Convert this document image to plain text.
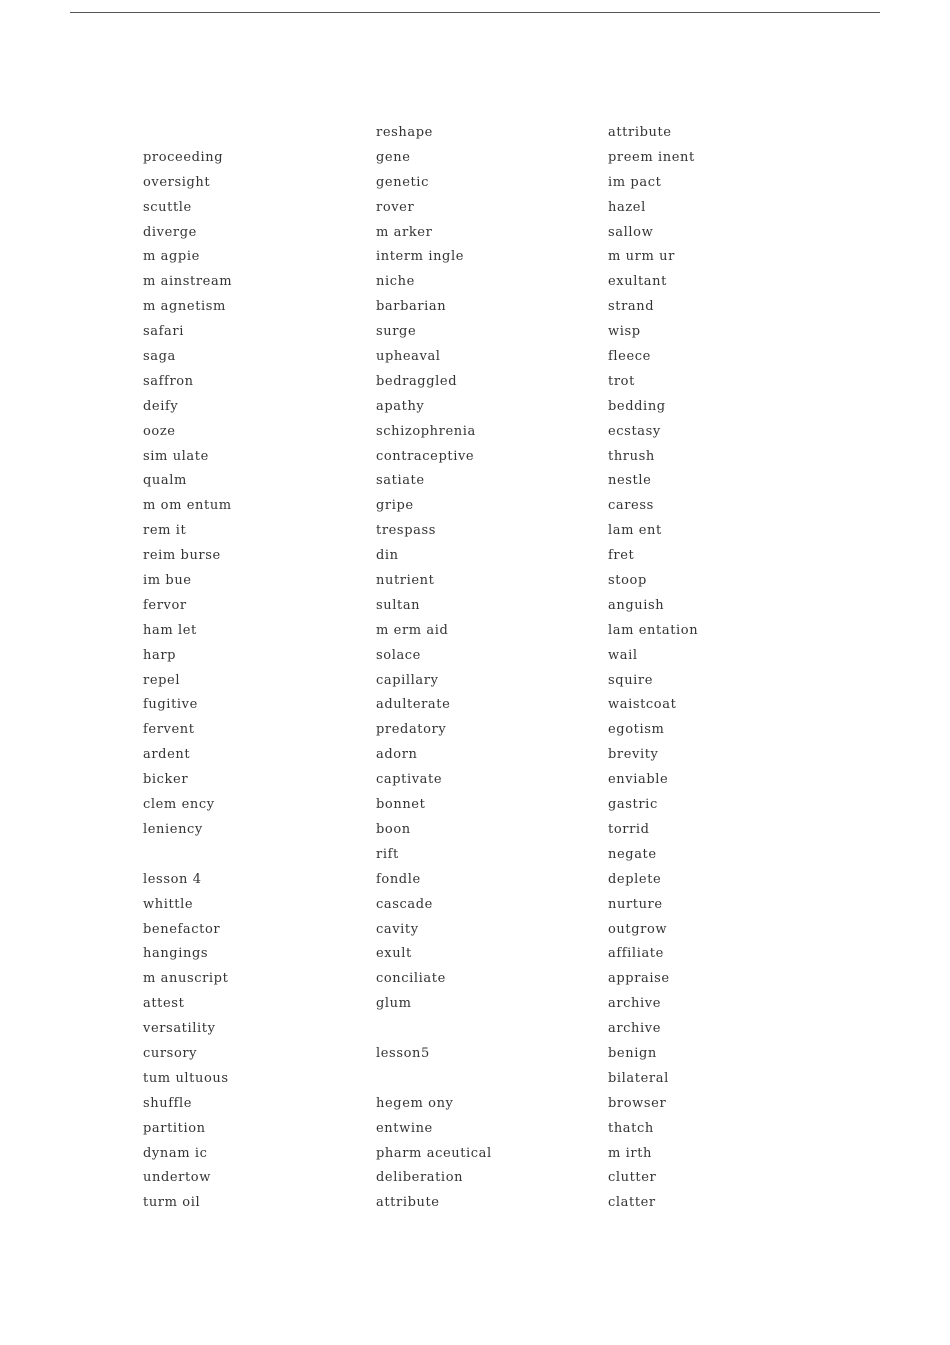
proceeding
oversight
scuttle
diverge
m agpie
m ainstream
m agnetism
safari
saga
saffron
deify
ooze
sim ulate
qualm
m om entum
rem it
reim burse
im bue
fervor
ham let
harp
repel
fugitive
fervent
ardent
bicker
clem ency
leniency
lesson 4
whittle
benefactor
hangings
m anuscript
attest
versatility
cursory
tum ultuous
shuffle
partition
dynam ic
undertow
turm oil
reshape
gene
genetic
rover
m arker
interm ingle
niche
barbarian
surge
upheaval
bedraggled
apathy
schizophrenia
contraceptive
satiate
gripe
trespass
din
nutrient
sultan
m erm aid
solace
capillary
adulterate
predatory
adorn
captivate
bonnet
boon
rift
fondle
cascade
cavity
exult
conciliate
glum
lesson5
hegem ony
entwine
pharm aceutical
deliberation
attribute
attribute
preem inent
im pact
hazel
sallow
m urm ur
exultant
strand
wisp
fleece
trot
bedding
ecstasy
thrush
nestle
caress
lam ent
fret
stoop
anguish
lam entation
wail
squire
waistcoat
egotism
brevity
enviable
gastric
torrid
negate
deplete
nurture
outgrow
affiliate
appraise
archive
archive
benign
bilateral
browser
thatch
m irth
clutter
clatter
